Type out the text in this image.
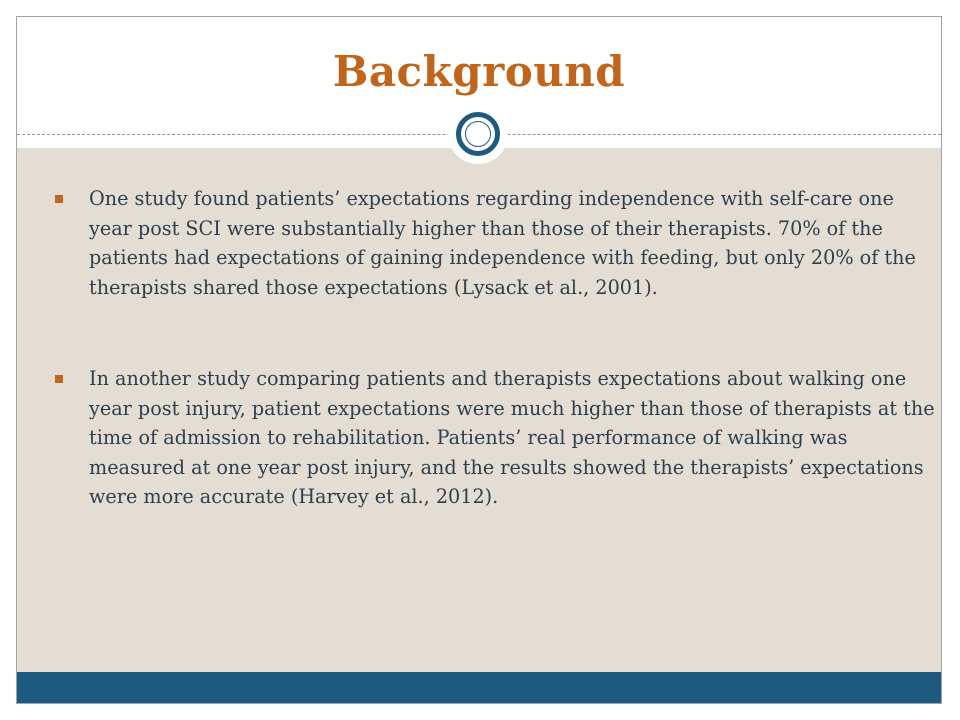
Background
One study found patients’ expectations regarding independence with self-care one year post SCI were substantially higher than those of their therapists. 70% of the patients had expectations of gaining independence with feeding, but only 20% of the therapists shared those expectations (Lysack et al., 2001).
In another study comparing patients and therapists expectations about walking one year post injury, patient expectations were much higher than those of therapists at the time of admission to rehabilitation. Patients’ real performance of walking was measured at one year post injury, and the results showed the therapists’ expectations were more accurate (Harvey et al., 2012).
